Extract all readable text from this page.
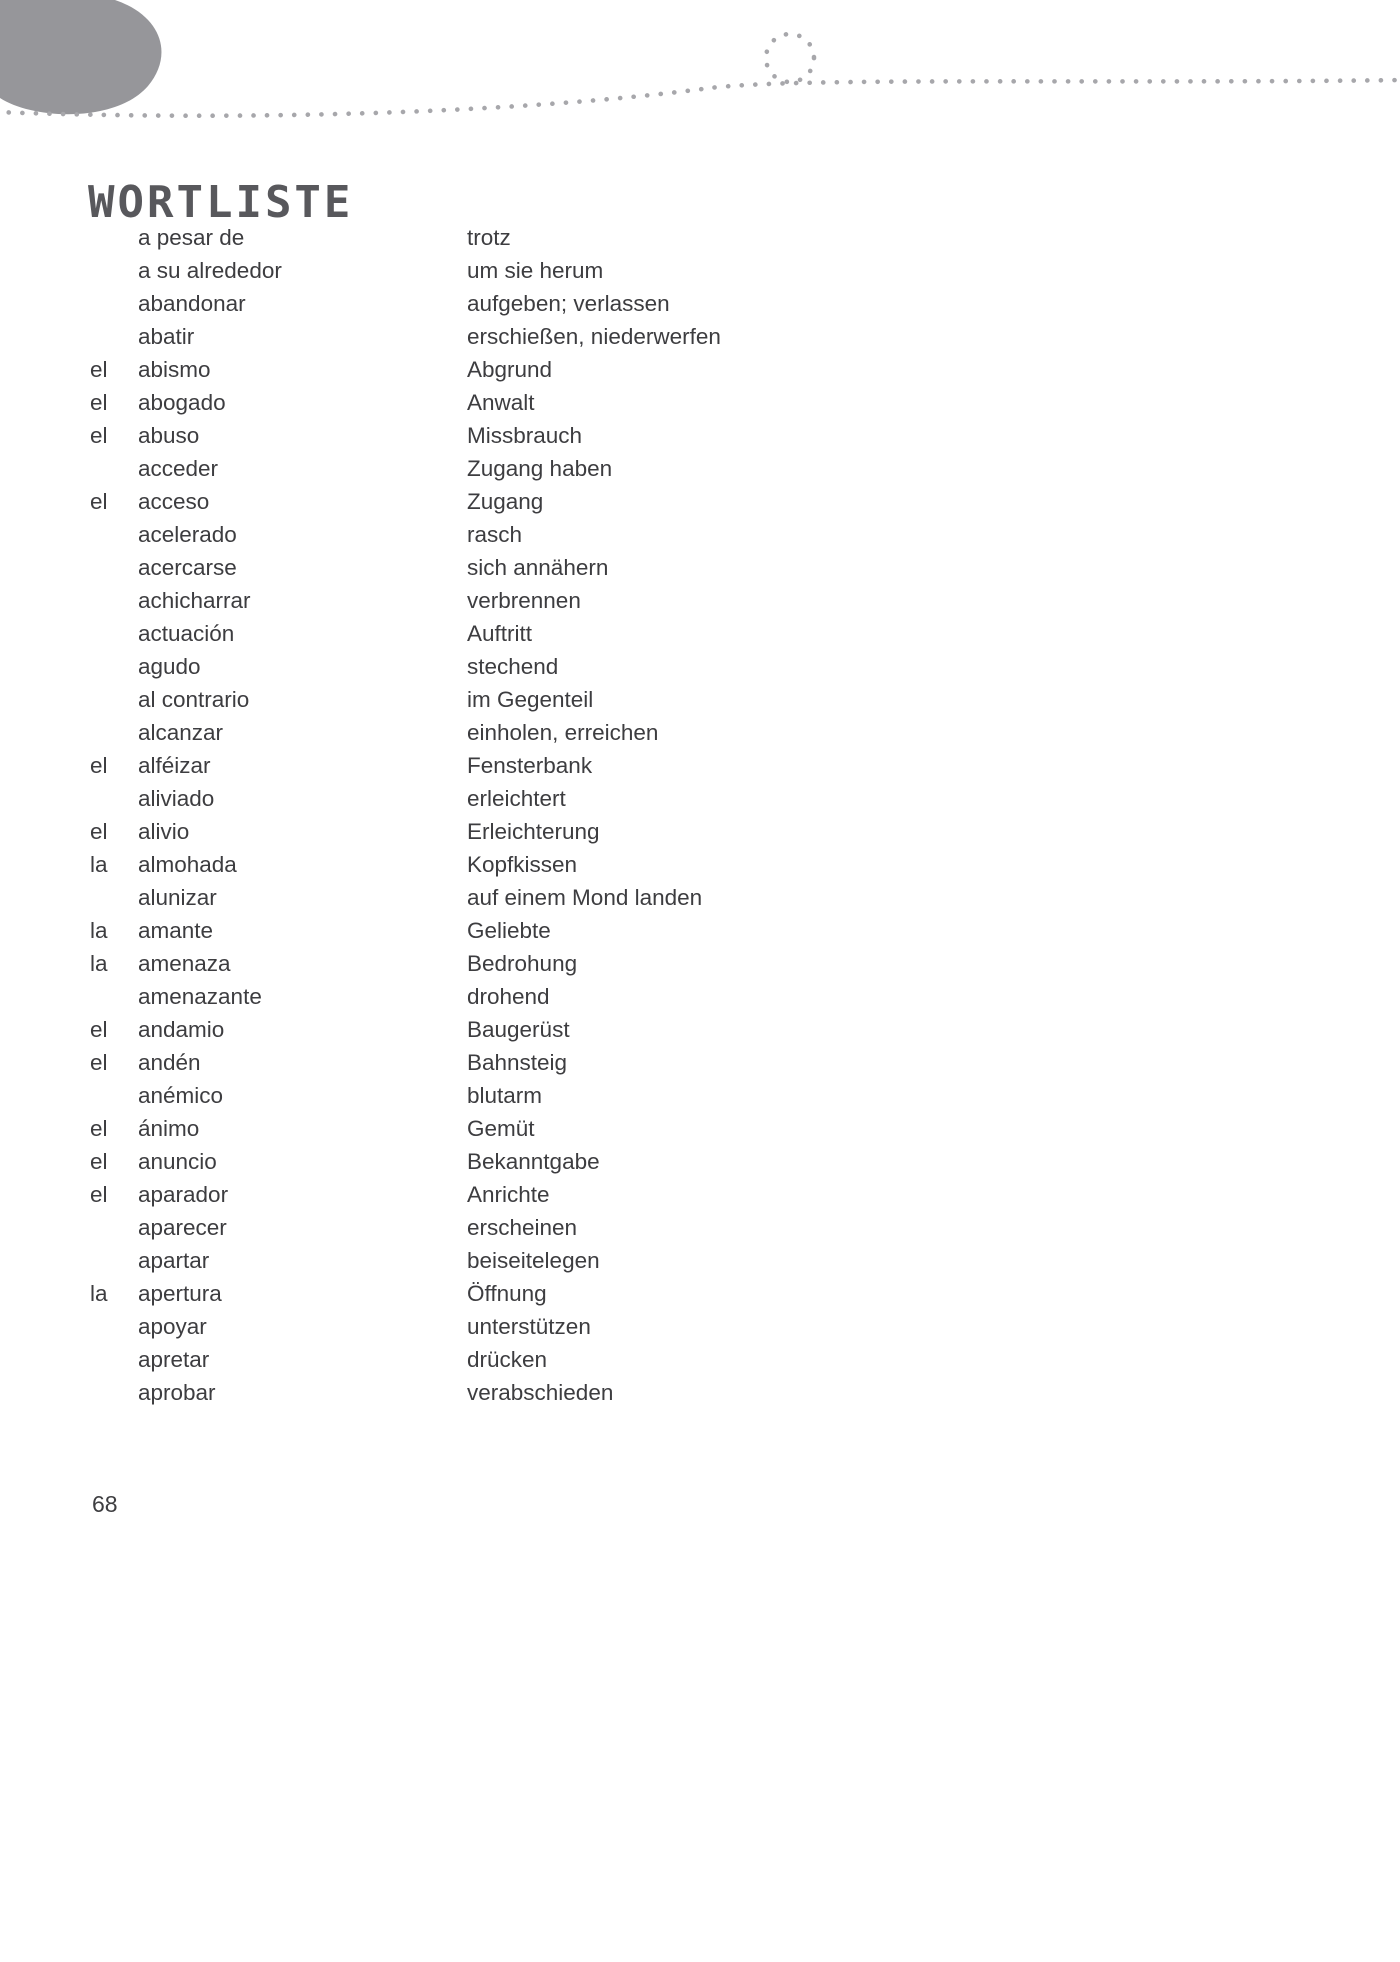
WORTLISTE
a pesar de	trotz
a su alrededor	um sie herum
abandonar	aufgeben; verlassen
abatir	erschießen, niederwerfen
el	abismo	Abgrund
el	abogado	Anwalt
el	abuso	Missbrauch
acceder	Zugang haben
el	acceso	Zugang
acelerado	rasch
acercarse	sich annähern
achicharrar	verbrennen
actuación	Auftritt
agudo	stechend
al contrario	im Gegenteil
alcanzar	einholen, erreichen
el	alféizar	Fensterbank
aliviado	erleichtert
el	alivio	Erleichterung
la	almohada	Kopfkissen
alunizar	auf einem Mond landen
la	amante	Geliebte
la	amenaza	Bedrohung
amenazante	drohend
el	andamio	Baugerüst
el	andén	Bahnsteig
anémico	blutarm
el	ánimo	Gemüt
el	anuncio	Bekanntgabe
el	aparador	Anrichte
aparecer	erscheinen
apartar	beiseitelegen
la	apertura	Öffnung
apoyar	unterstützen
apretar	drücken
aprobar	verabschieden
68
